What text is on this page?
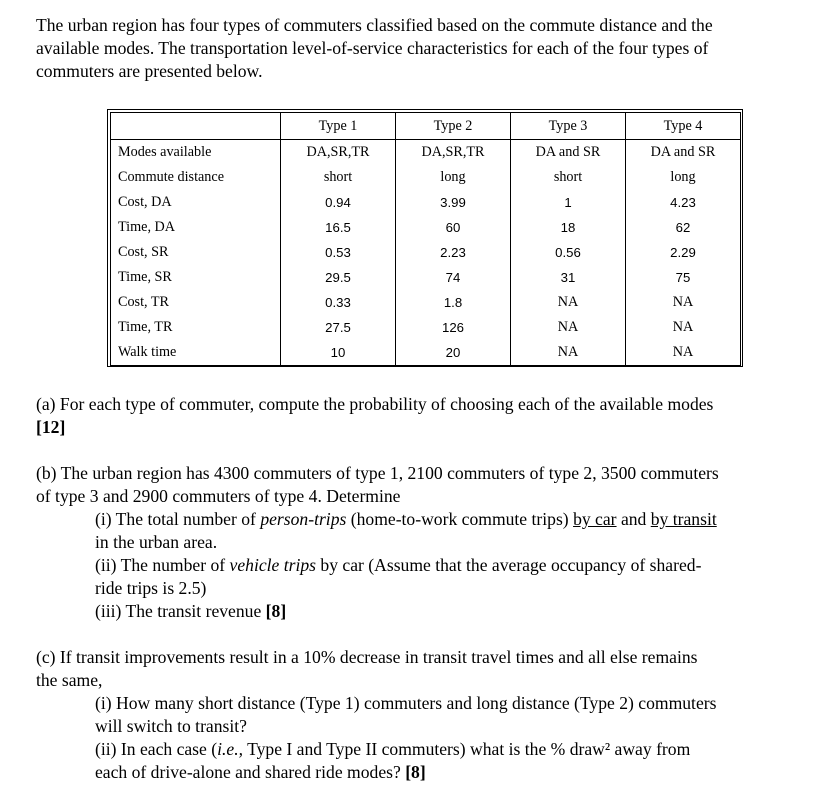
The urban region has four types of commuters classified based on the commute distance and the
available modes. The transportation level-of-service characteristics for each of the four types of
commuters are presented below.
	Type 1	Type 2	Type 3	Type 4
Modes available	DA,SR,TR	DA,SR,TR	DA and SR	DA and SR
Commute distance	short	long	short	long
Cost, DA	0.94	3.99	1	4.23
Time, DA	16.5	60	18	62
Cost, SR	0.53	2.23	0.56	2.29
Time, SR	29.5	74	31	75
Cost, TR	0.33	1.8	NA	NA
Time, TR	27.5	126	NA	NA
Walk time	10	20	NA	NA
(a) For each type of commuter, compute the probability of choosing each of the available modes
[12]
(b) The urban region has 4300 commuters of type 1, 2100 commuters of type 2, 3500 commuters
of type 3 and 2900 commuters of type 4. Determine
(i) The total number of person-trips (home-to-work commute trips) by car and by transit
in the urban area.
(ii) The number of vehicle trips by car (Assume that the average occupancy of shared-
ride trips is 2.5)
(iii) The transit revenue [8]
(c) If transit improvements result in a 10% decrease in transit travel times and all else remains
the same,
(i) How many short distance (Type 1) commuters and long distance (Type 2) commuters
will switch to transit?
(ii) In each case (i.e., Type I and Type II commuters) what is the % draw² away from
each of drive-alone and shared ride modes? [8]
